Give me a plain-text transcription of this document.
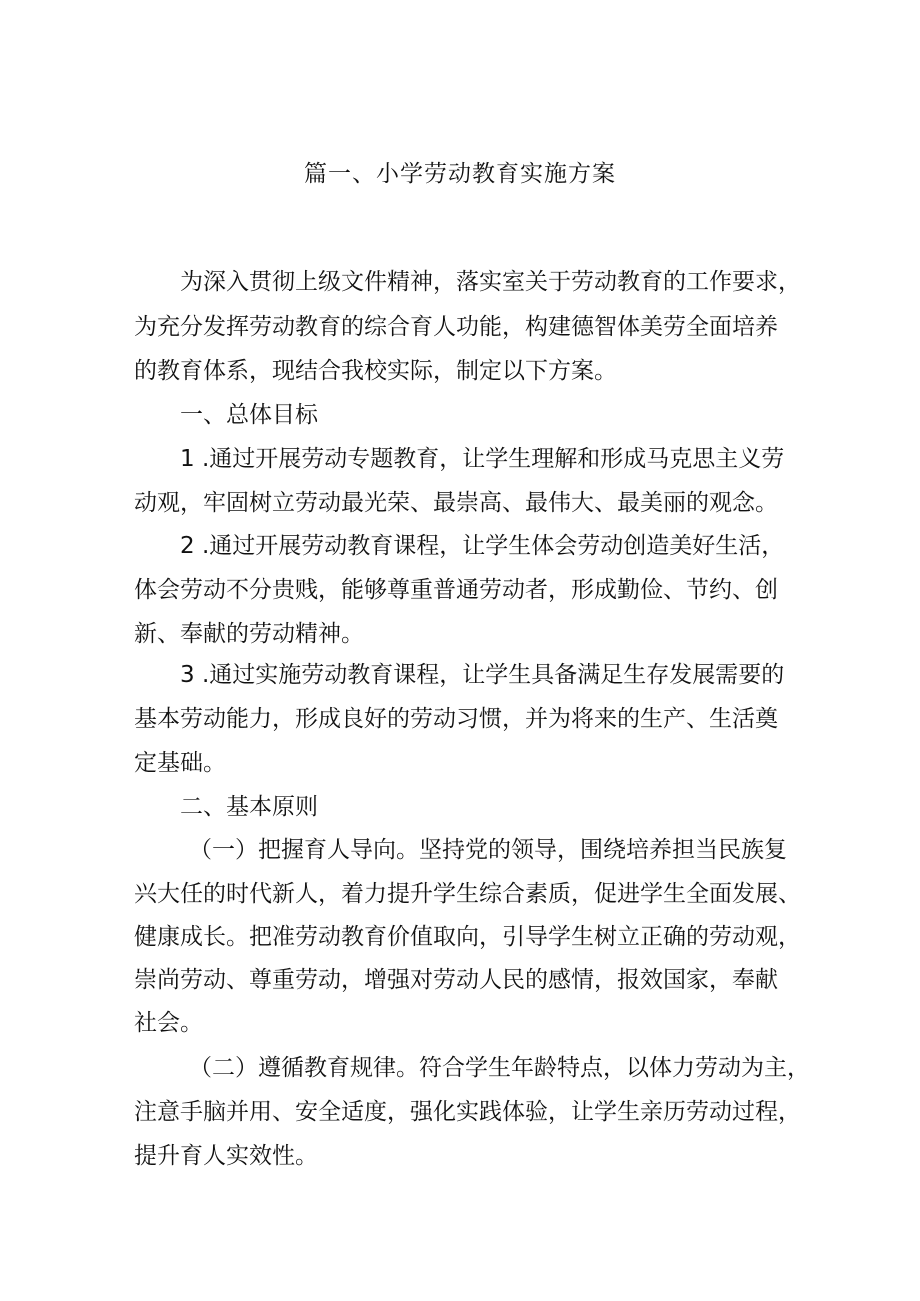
篇一、小学劳动教育实施方案
为深入贯彻上级文件精神，落实室关于劳动教育的工作要求，
为充分发挥劳动教育的综合育人功能，构建德智体美劳全面培养
的教育体系，现结合我校实际，制定以下方案。
一、总体目标
1 .通过开展劳动专题教育，让学生理解和形成马克思主义劳
动观，牢固树立劳动最光荣、最崇高、最伟大、最美丽的观念。
2 .通过开展劳动教育课程，让学生体会劳动创造美好生活，
体会劳动不分贵贱，能够尊重普通劳动者，形成勤俭、节约、创
新、奉献的劳动精神。
3 .通过实施劳动教育课程，让学生具备满足生存发展需要的
基本劳动能力，形成良好的劳动习惯，并为将来的生产、生活奠
定基础。
二、基本原则
（一）把握育人导向。坚持党的领导，围绕培养担当民族复
兴大任的时代新人，着力提升学生综合素质，促进学生全面发展、
健康成长。把准劳动教育价值取向，引导学生树立正确的劳动观，
崇尚劳动、尊重劳动，增强对劳动人民的感情，报效国家，奉献
社会。
（二）遵循教育规律。符合学生年龄特点，以体力劳动为主，
注意手脑并用、安全适度，强化实践体验，让学生亲历劳动过程，
提升育人实效性。
